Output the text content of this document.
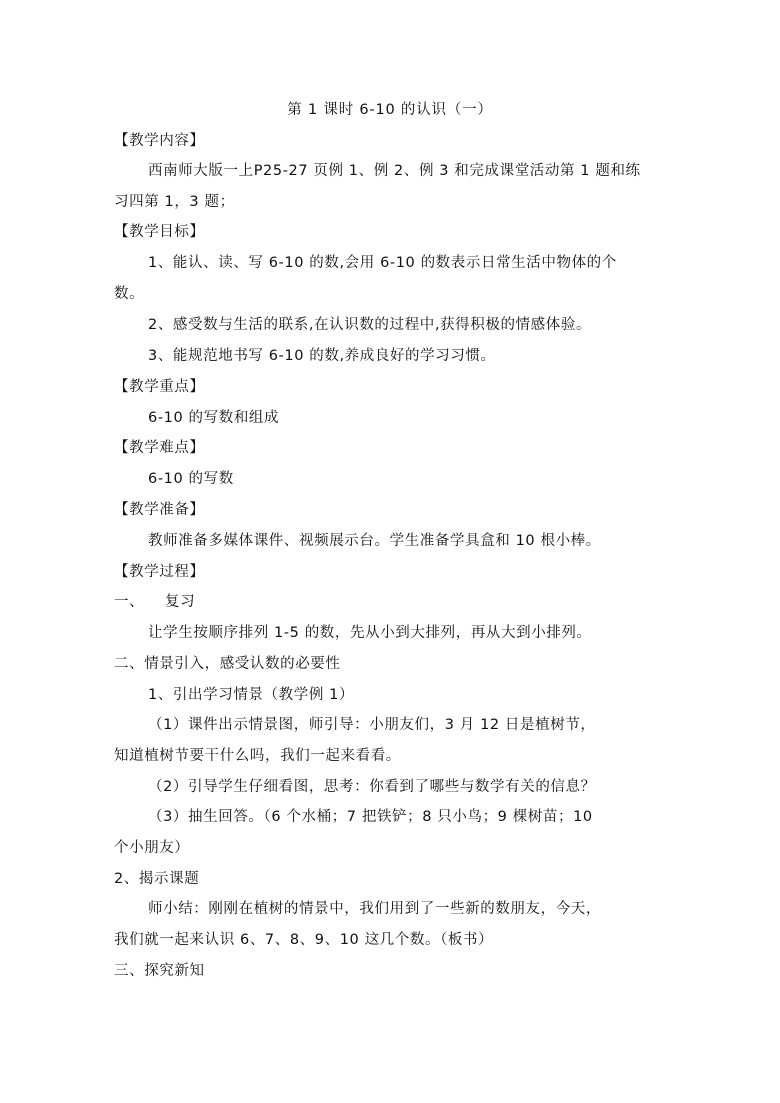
第 1 课时 6-10 的认识（一）
【教学内容】
西南师大版一上P25-27 页例 1、例 2、例 3 和完成课堂活动第 1 题和练
习四第 1，3 题；
【教学目标】
1、能认、读、写 6-10 的数,会用 6-10 的数表示日常生活中物体的个
数。
2、感受数与生活的联系,在认识数的过程中,获得积极的情感体验。
3、能规范地书写 6-10 的数,养成良好的学习习惯。
【教学重点】
6-10 的写数和组成
【教学难点】
6-10 的写数
【教学准备】
教师准备多媒体课件、视频展示台。学生准备学具盒和 10 根小棒。
【教学过程】
一、    复习
让学生按顺序排列 1-5 的数，先从小到大排列，再从大到小排列。
二、情景引入，感受认数的必要性
1、引出学习情景（教学例 1）
（1）课件出示情景图，师引导：小朋友们，3 月 12 日是植树节，
知道植树节要干什么吗，我们一起来看看。
（2）引导学生仔细看图，思考：你看到了哪些与数学有关的信息？
（3）抽生回答。（6 个水桶；7 把铁铲；8 只小鸟；9 棵树苗；10
个小朋友）
2、揭示课题
师小结：刚刚在植树的情景中，我们用到了一些新的数朋友，今天，
我们就一起来认识 6、7、8、9、10 这几个数。（板书）
三、探究新知
